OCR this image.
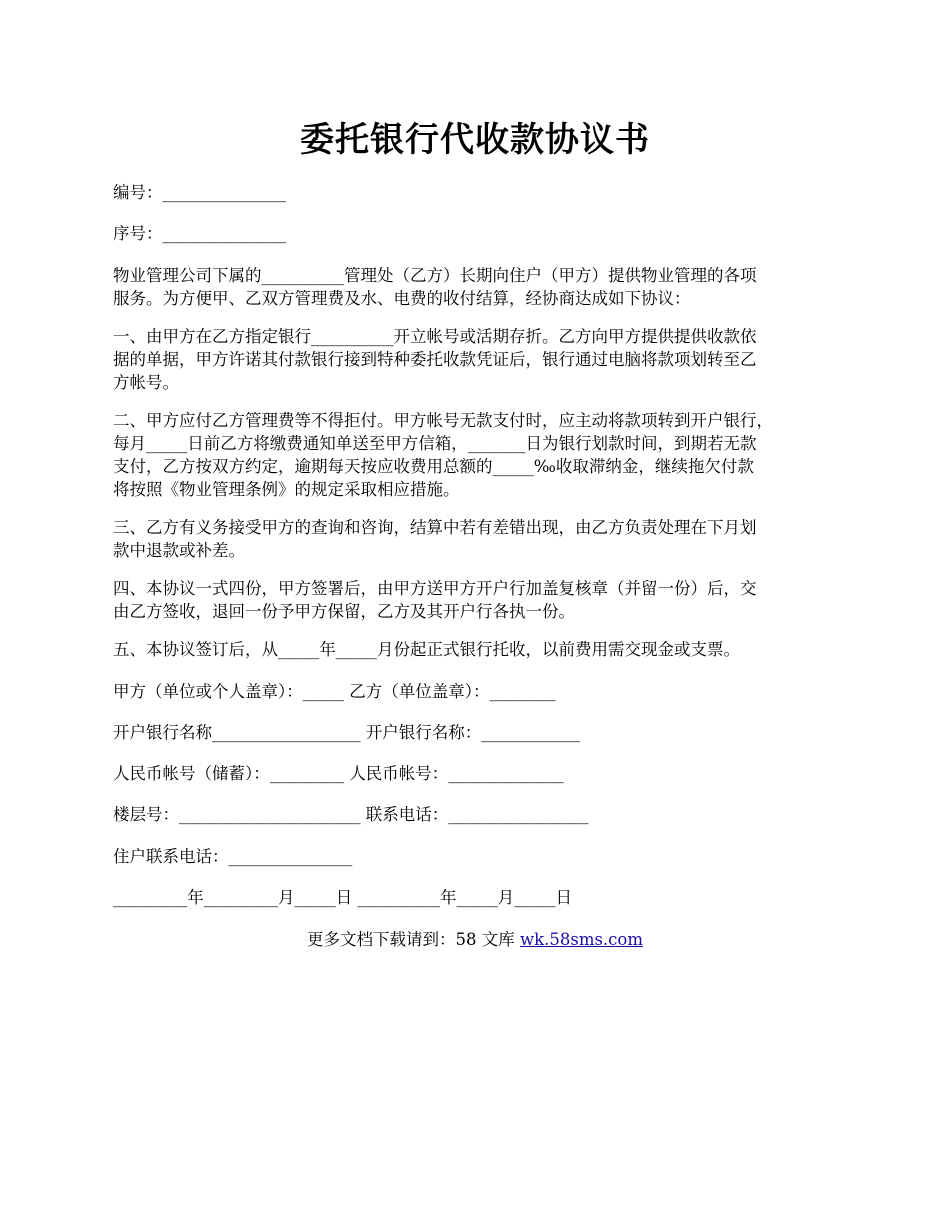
委托银行代收款协议书
编号：_______________
序号：_______________
物业管理公司下属的__________管理处（乙方）长期向住户（甲方）提供物业管理的各项
服务。为方便甲、乙双方管理费及水、电费的收付结算，经协商达成如下协议：
一、由甲方在乙方指定银行__________开立帐号或活期存折。乙方向甲方提供提供收款依
据的单据，甲方许诺其付款银行接到特种委托收款凭证后，银行通过电脑将款项划转至乙
方帐号。
二、甲方应付乙方管理费等不得拒付。甲方帐号无款支付时，应主动将款项转到开户银行，
每月_____日前乙方将缴费通知单送至甲方信箱，_______日为银行划款时间，到期若无款
支付，乙方按双方约定，逾期每天按应收费用总额的_____‰收取滞纳金，继续拖欠付款
将按照《物业管理条例》的规定采取相应措施。
三、乙方有义务接受甲方的查询和咨询，结算中若有差错出现，由乙方负责处理在下月划
款中退款或补差。
四、本协议一式四份，甲方签署后，由甲方送甲方开户行加盖复核章（并留一份）后，交
由乙方签收，退回一份予甲方保留，乙方及其开户行各执一份。
五、本协议签订后，从_____年_____月份起正式银行托收，以前费用需交现金或支票。
甲方（单位或个人盖章）：_____ 乙方（单位盖章）：________
开户银行名称__________________ 开户银行名称：____________
人民币帐号（储蓄）：_________ 人民币帐号：______________
楼层号：______________________ 联系电话：_________________
住户联系电话：_______________
_________年_________月_____日 __________年_____月_____日
更多文档下载请到：58 文库 wk.58sms.com
